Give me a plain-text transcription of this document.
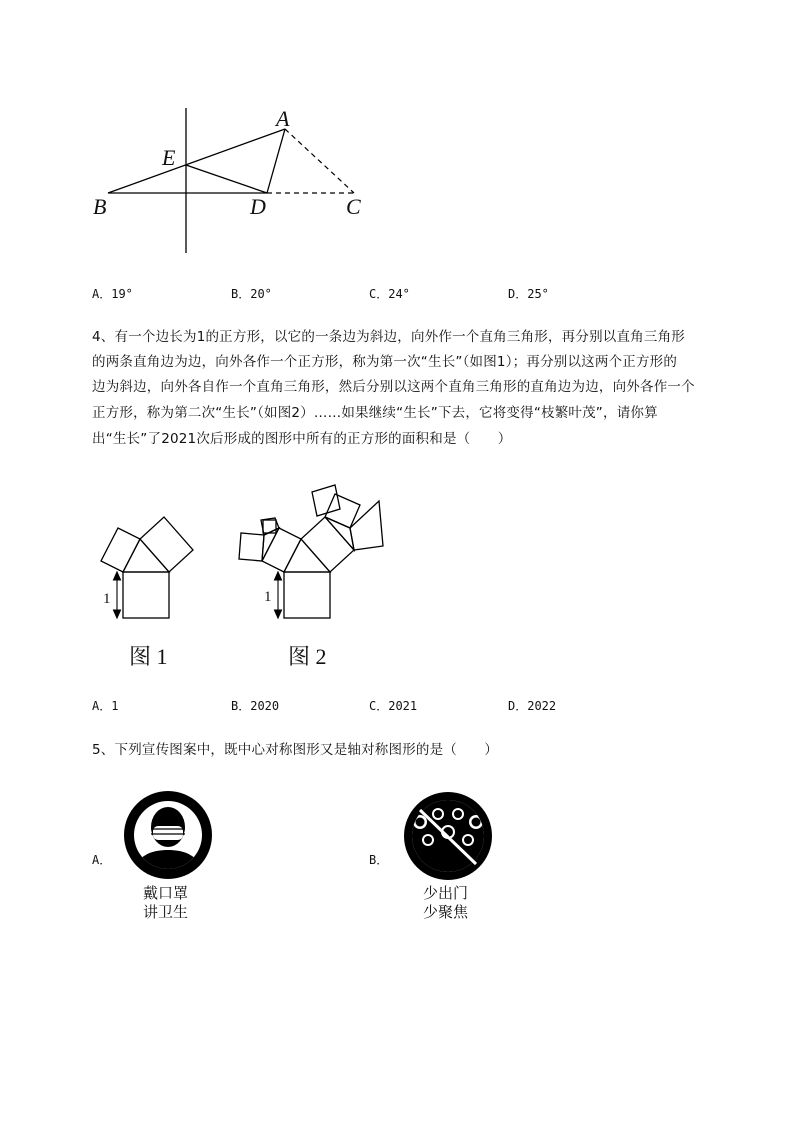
A
E
B	D	C
A．19°	B．20°	C．24°	D．25°
4、有一个边长为1的正方形，以它的一条边为斜边，向外作一个直角三角形，再分别以直角三角形
的两条直角边为边，向外各作一个正方形，称为第一次“生长”（如图1）；再分别以这两个正方形的
边为斜边，向外各自作一个直角三角形，然后分别以这两个直角三角形的直角边为边，向外各作一个
正方形，称为第二次“生长”（如图2）……如果继续“生长”下去，它将变得“枝繁叶茂”，请你算
出“生长”了2021次后形成的图形中所有的正方形的面积和是（　　）
1
图 1
1
图 2
A．1	B．2020	C．2021	D．2022
5、下列宣传图案中，既中心对称图形又是轴对称图形的是（　　）
A．
戴口罩
讲卫生
B．
少出门
少聚焦
